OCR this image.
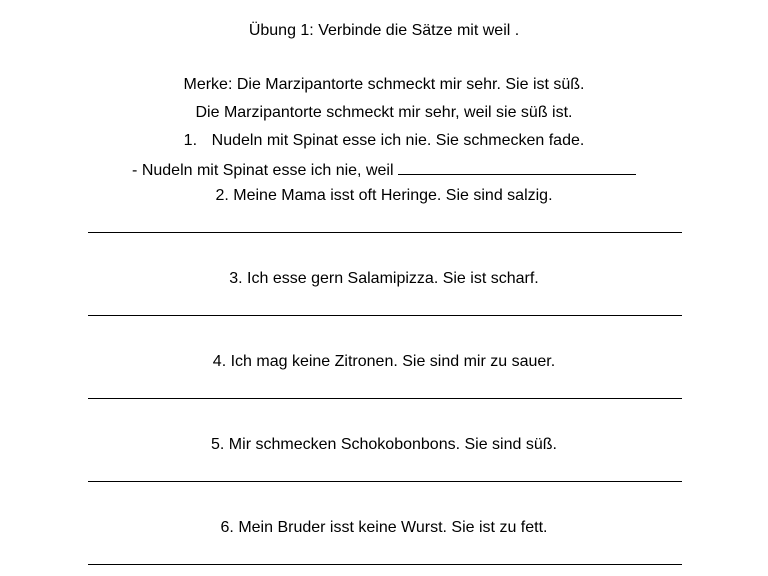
Übung 1: Verbinde die Sätze mit weil .
Merke: Die Marzipantorte schmeckt mir sehr. Sie ist süß.
Die Marzipantorte schmeckt mir sehr, weil sie süß ist.
1. Nudeln mit Spinat esse ich nie. Sie schmecken fade.
- Nudeln mit Spinat esse ich nie, weil
2. Meine Mama isst oft Heringe. Sie sind salzig.
3. Ich esse gern Salamipizza. Sie ist scharf.
4. Ich mag keine Zitronen. Sie sind mir zu sauer.
5. Mir schmecken Schokobonbons. Sie sind süß.
6. Mein Bruder isst keine Wurst. Sie ist zu fett.
